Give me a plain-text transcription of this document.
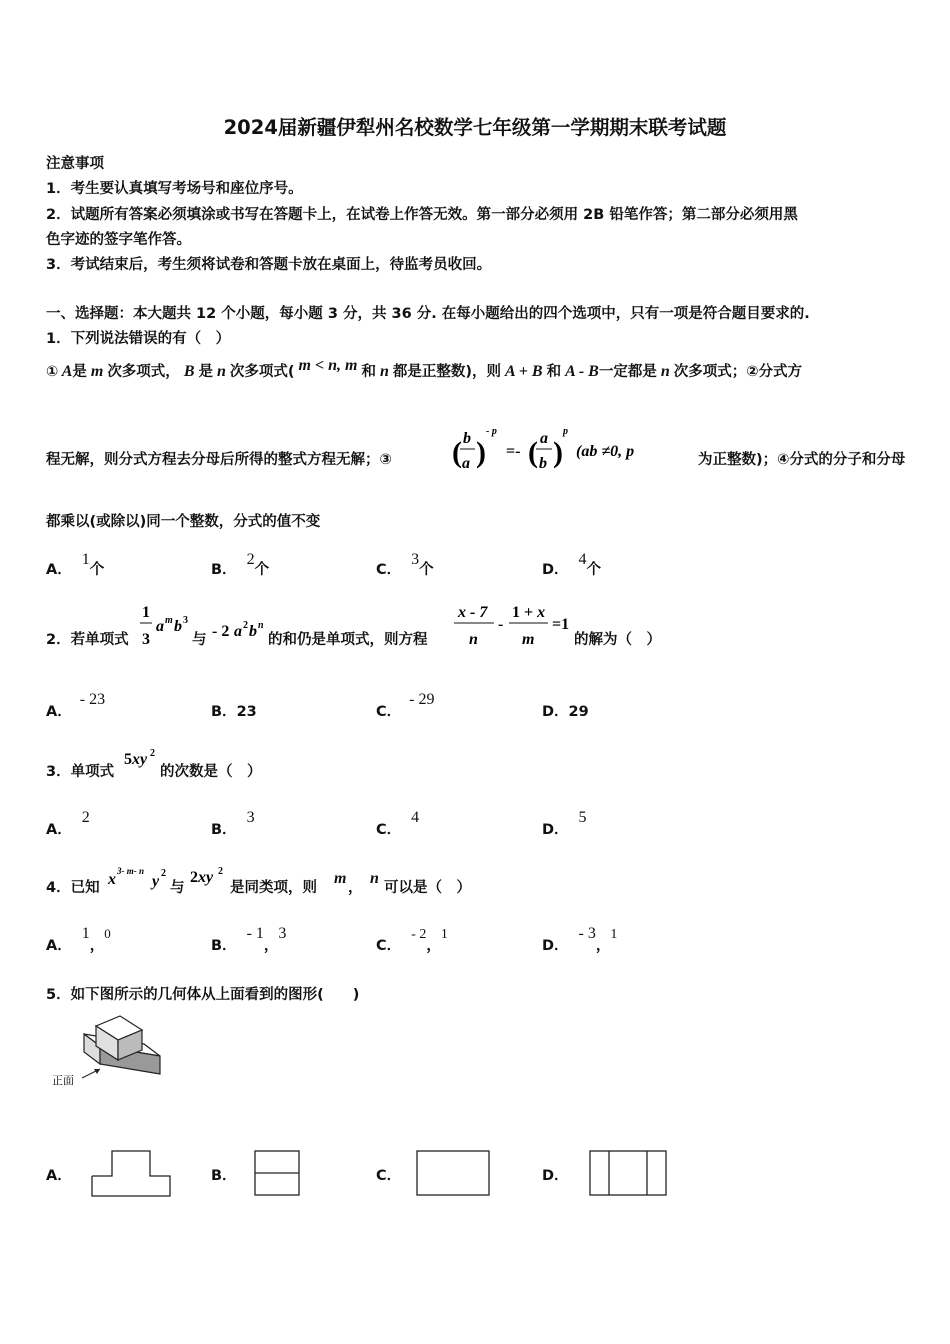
2024届新疆伊犁州名校数学七年级第一学期期末联考试题
注意事项
1．考生要认真填写考场号和座位序号。
2．试题所有答案必须填涂或书写在答题卡上，在试卷上作答无效。第一部分必须用 2B 铅笔作答；第二部分必须用黑
色字迹的签字笔作答。
3．考试结束后，考生须将试卷和答题卡放在桌面上，待监考员收回。
一、选择题：本大题共 12 个小题，每小题 3 分，共 36 分. 在每小题给出的四个选项中，只有一项是符合题目要求的.
1．下列说法错误的有（　）
① A是 m 次多项式， B 是 n 次多项式( m < n, m 和 n 都是正整数)，则 A + B 和 A - B一定都是 n 次多项式；②分式方
程无解，则分式方程去分母后所得的整式方程无解；③ ( b
a )
- p
=- ( a
b )
p
(ab ≠0, p	为正整数)；④分式的分子和分母
都乘以(或除以)同一个整数，分式的值不变
A．1个	B．2个	C．3个	D．4个
2．若单项式
1
3
a m b 3
与 - 2 a 2 b n
的和仍是单项式，则方程
x - 7
n
-
1 + x
m
=1
的解为（　）
A．- 23
B．23	C．- 29
D．29
3．单项式
5xy 2
的次数是（　）
A．2
B．3
C．4
D．5
4．已知 x 3- m- n
y 2
与
2xy 2
是同类项，则
m
，
n
可以是（　）
A．1，0
B．- 1，3
C．- 2，1
D．- 3，1
5．如下图所示的几何体从上面看到的图形(　　)
正面
A．	B．	C．	D．
